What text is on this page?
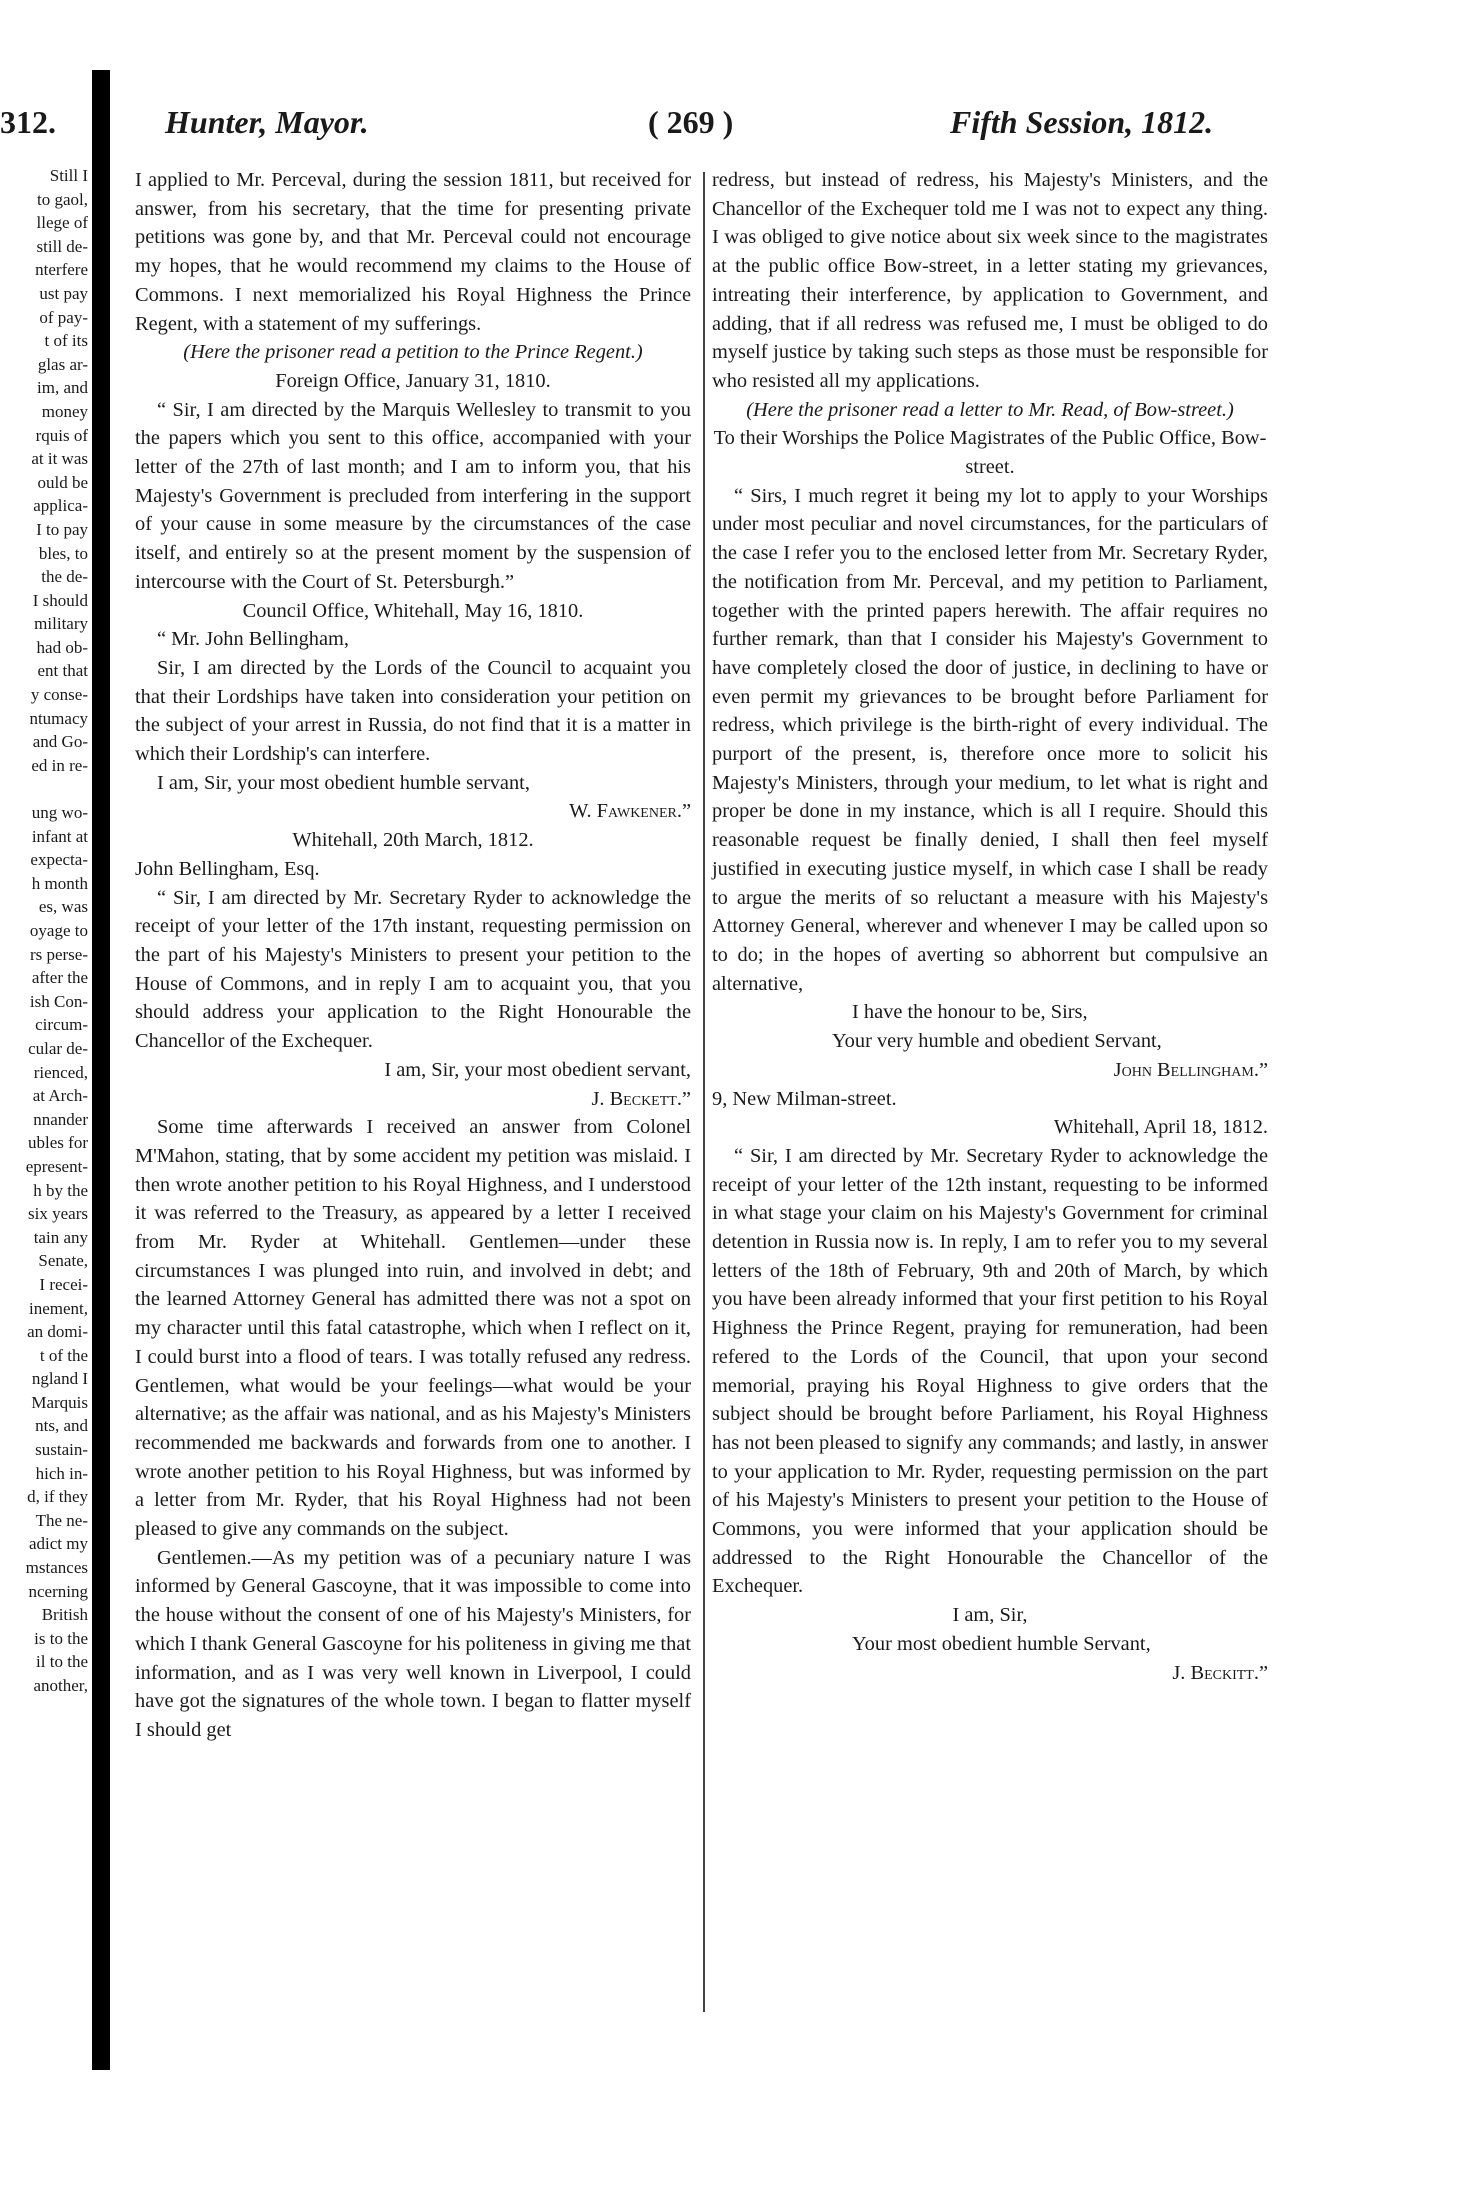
312.	Hunter, Mayor.	( 269 )	Fifth Session, 1812.
Still I
to gaol,
llege of
still de-
nterfere
ust pay
of pay-
t of its
glas ar-
im, and
money
rquis of
at it was
ould be
applica-
I to pay
bles, to
the de-
I should
military
had ob-
ent that
y conse-
ntumacy
and Go-
ed in re-
ung wo-
infant at
expecta-
h month
es, was
oyage to
rs perse-
after the
ish Con-
circum-
cular de-
rienced,
at Arch-
nnander
ubles for
epresent-
h by the
six years
tain any
Senate,
I recei-
inement,
an domi-
t of the
ngland I
Marquis
nts, and
sustain-
hich in-
d, if they
The ne-
adict my
mstances
ncerning
British
is to the
il to the
another,

I applied to Mr. Perceval, during the session 1811, but received for answer, from his secretary, that the time for presenting private petitions was gone by, and that Mr. Perceval could not encourage my hopes, that he would recommend my claims to the House of Commons. I next memorialized his Royal Highness the Prince Regent, with a statement of my sufferings.

(Here the prisoner read a petition to the Prince Regent.)

Foreign Office, January 31, 1810.

“ Sir, I am directed by the Marquis Wellesley to transmit to you the papers which you sent to this office, accompanied with your letter of the 27th of last month; and I am to inform you, that his Majesty's Government is precluded from interfering in the support of your cause in some measure by the circumstances of the case itself, and entirely so at the present moment by the suspension of intercourse with the Court of St. Petersburgh.”

Council Office, Whitehall, May 16, 1810.

“ Mr. John Bellingham,

Sir, I am directed by the Lords of the Council to acquaint you that their Lordships have taken into consideration your petition on the subject of your arrest in Russia, do not find that it is a matter in which their Lordship's can interfere.

I am, Sir, your most obedient humble servant,

W. Fawkener.”

Whitehall, 20th March, 1812.

John Bellingham, Esq.

“ Sir, I am directed by Mr. Secretary Ryder to acknowledge the receipt of your letter of the 17th instant, requesting permission on the part of his Majesty's Ministers to present your petition to the House of Commons, and in reply I am to acquaint you, that you should address your application to the Right Honourable the Chancellor of the Exchequer.

I am, Sir, your most obedient servant,

J. Beckett.”

Some time afterwards I received an answer from Colonel M'Mahon, stating, that by some accident my petition was mislaid. I then wrote another petition to his Royal Highness, and I understood it was referred to the Treasury, as appeared by a letter I received from Mr. Ryder at Whitehall. Gentlemen—under these circumstances I was plunged into ruin, and involved in debt; and the learned Attorney General has admitted there was not a spot on my character until this fatal catastrophe, which when I reflect on it, I could burst into a flood of tears. I was totally refused any redress. Gentlemen, what would be your feelings—what would be your alternative; as the affair was national, and as his Majesty's Ministers recommended me backwards and forwards from one to another. I wrote another petition to his Royal Highness, but was informed by a letter from Mr. Ryder, that his Royal Highness had not been pleased to give any commands on the subject.

Gentlemen.—As my petition was of a pecuniary nature I was informed by General Gascoyne, that it was impossible to come into the house without the consent of one of his Majesty's Ministers, for which I thank General Gascoyne for his politeness in giving me that information, and as I was very well known in Liverpool, I could have got the signatures of the whole town. I began to flatter myself I should get

redress, but instead of redress, his Majesty's Ministers, and the Chancellor of the Exchequer told me I was not to expect any thing. I was obliged to give notice about six week since to the magistrates at the public office Bow-street, in a letter stating my grievances, intreating their interference, by application to Government, and adding, that if all redress was refused me, I must be obliged to do myself justice by taking such steps as those must be responsible for who resisted all my applications.

(Here the prisoner read a letter to Mr. Read, of Bow-street.)

To their Worships the Police Magistrates of the Public Office, Bow-street.

“ Sirs, I much regret it being my lot to apply to your Worships under most peculiar and novel circumstances, for the particulars of the case I refer you to the enclosed letter from Mr. Secretary Ryder, the notification from Mr. Perceval, and my petition to Parliament, together with the printed papers herewith. The affair requires no further remark, than that I consider his Majesty's Government to have completely closed the door of justice, in declining to have or even permit my grievances to be brought before Parliament for redress, which privilege is the birth-right of every individual. The purport of the present, is, therefore once more to solicit his Majesty's Ministers, through your medium, to let what is right and proper be done in my instance, which is all I require. Should this reasonable request be finally denied, I shall then feel myself justified in executing justice myself, in which case I shall be ready to argue the merits of so reluctant a measure with his Majesty's Attorney General, wherever and whenever I may be called upon so to do; in the hopes of averting so abhorrent but compulsive an alternative,

I have the honour to be, Sirs,

Your very humble and obedient Servant,

John Bellingham.”

9, New Milman-street.

Whitehall, April 18, 1812.

“ Sir, I am directed by Mr. Secretary Ryder to acknowledge the receipt of your letter of the 12th instant, requesting to be informed in what stage your claim on his Majesty's Government for criminal detention in Russia now is. In reply, I am to refer you to my several letters of the 18th of February, 9th and 20th of March, by which you have been already informed that your first petition to his Royal Highness the Prince Regent, praying for remuneration, had been refered to the Lords of the Council, that upon your second memorial, praying his Royal Highness to give orders that the subject should be brought before Parliament, his Royal Highness has not been pleased to signify any commands; and lastly, in answer to your application to Mr. Ryder, requesting permission on the part of his Majesty's Ministers to present your petition to the House of Commons, you were informed that your application should be addressed to the Right Honourable the Chancellor of the Exchequer.

I am, Sir,

Your most obedient humble Servant,

J. Beckitt.”
